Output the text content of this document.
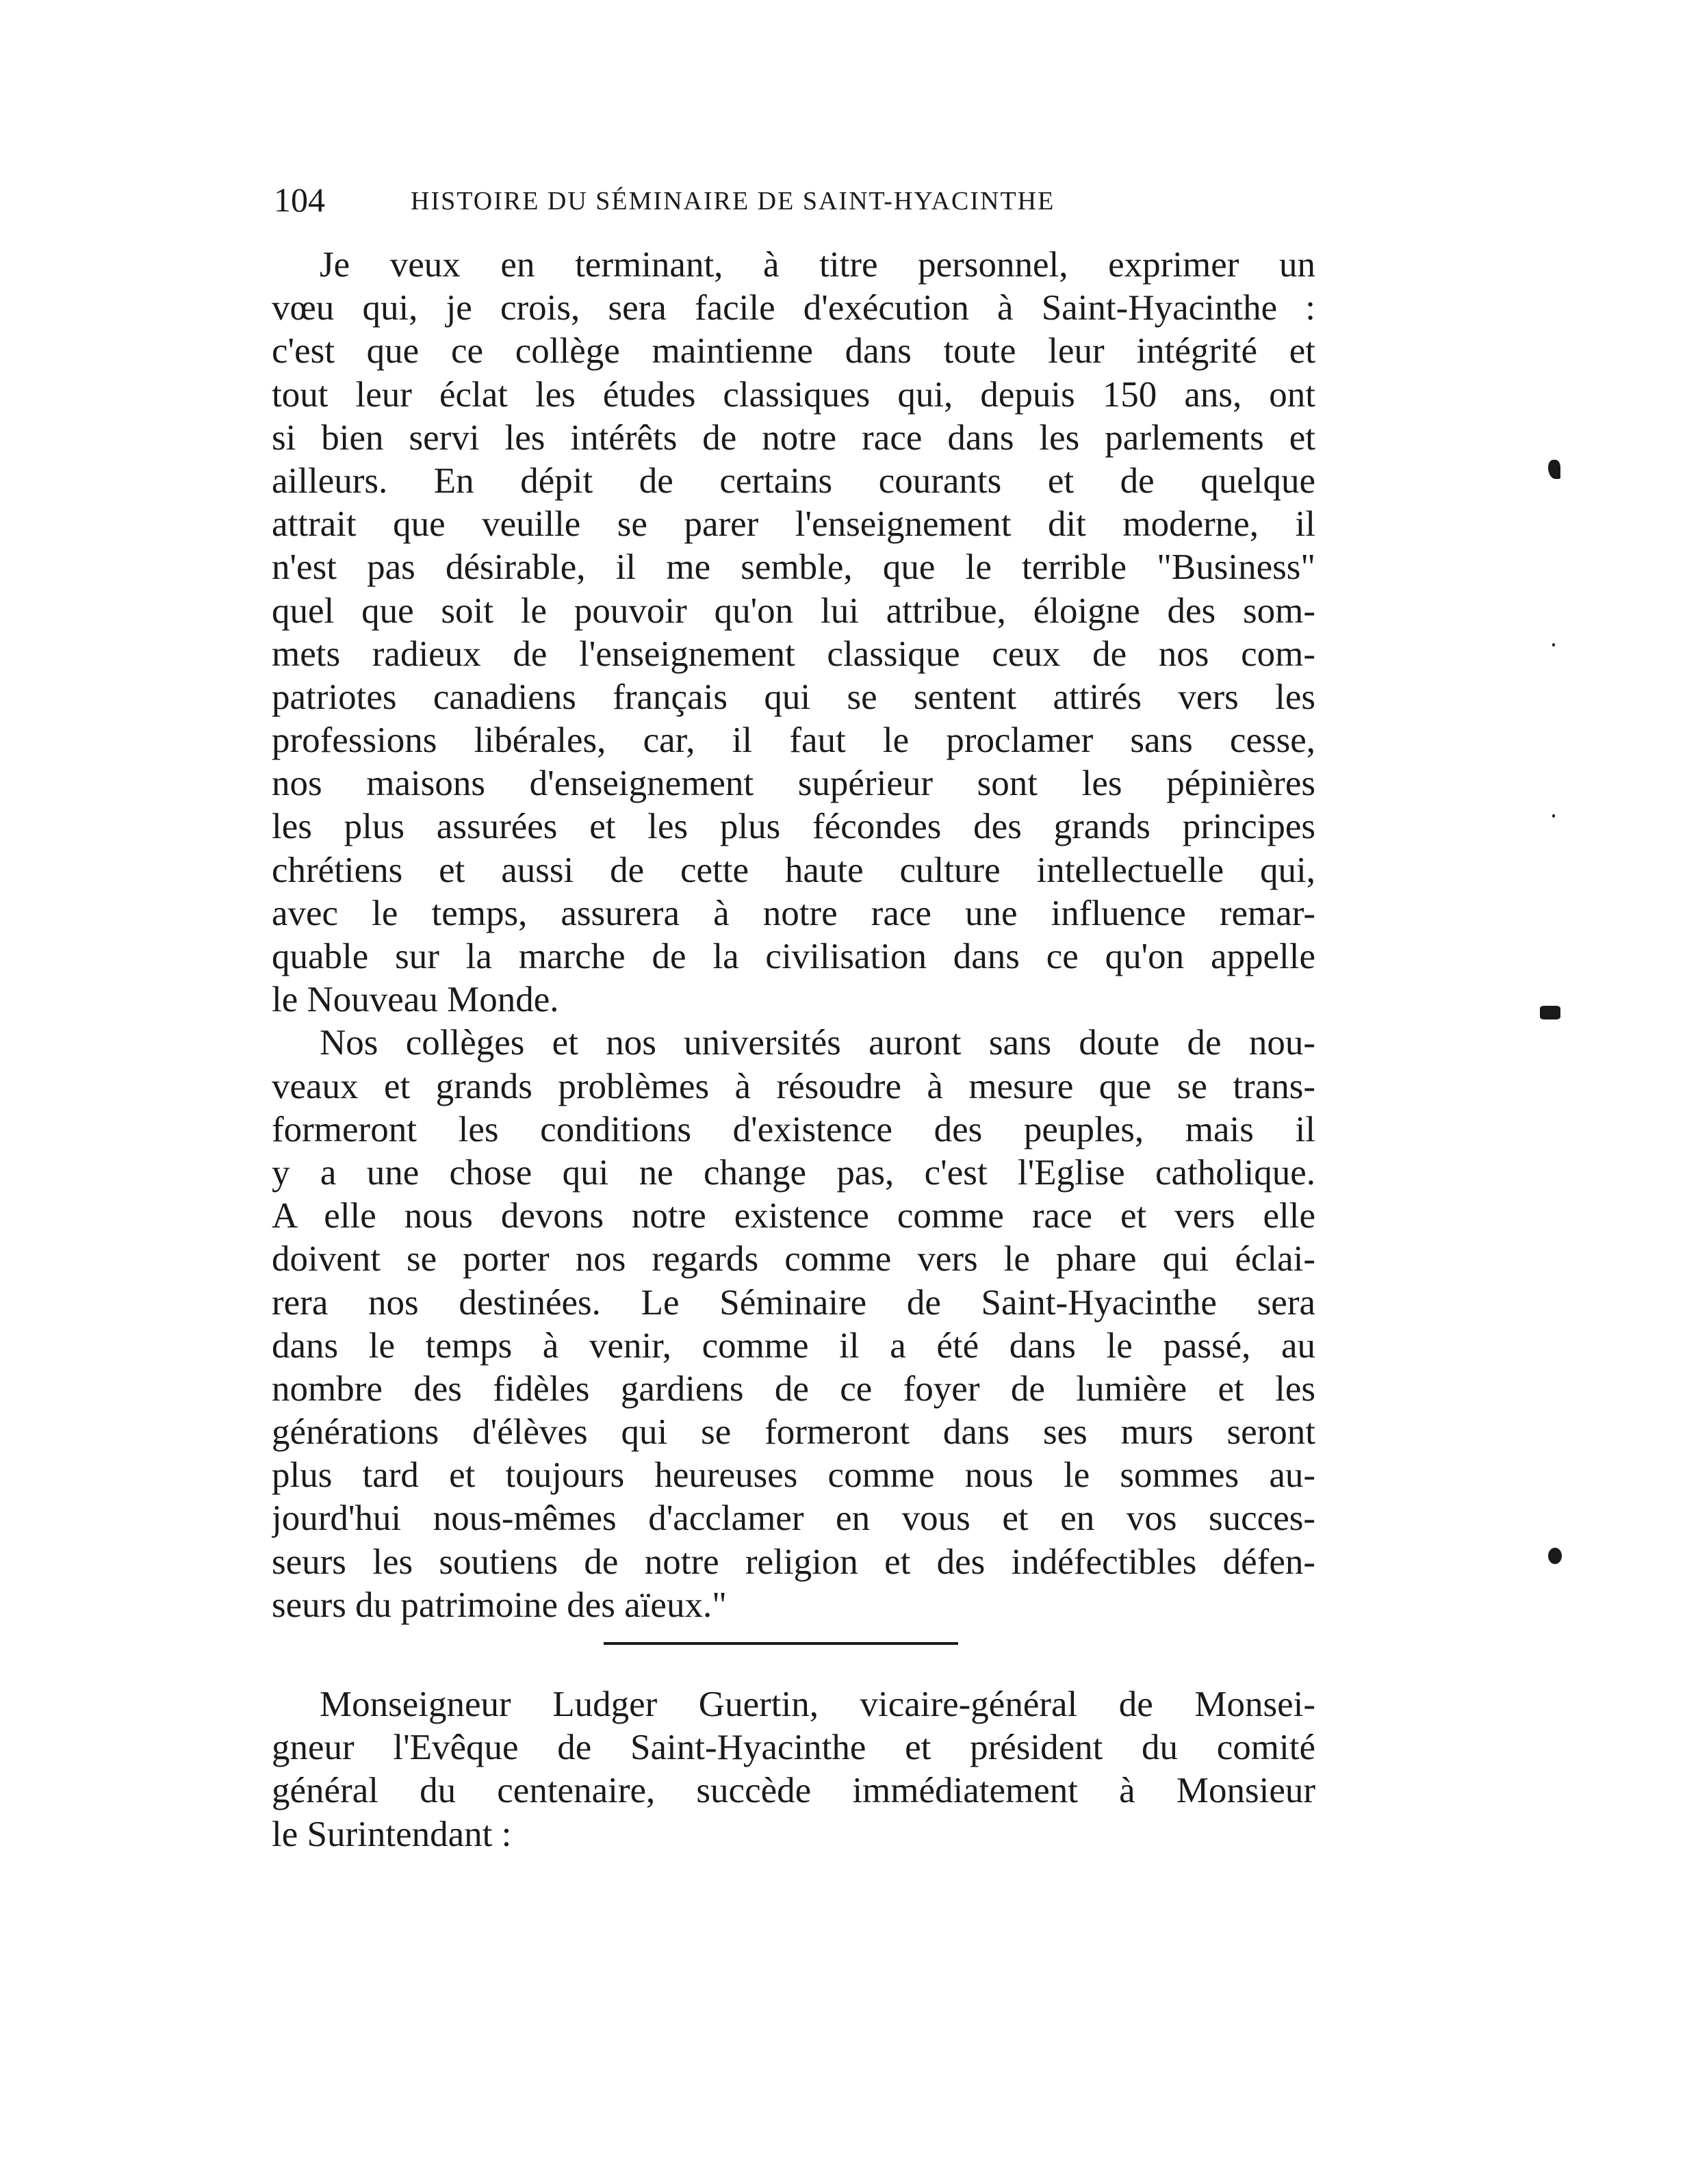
104	HISTOIRE DU SÉMINAIRE DE SAINT-HYACINTHE
Je veux en terminant, à titre personnel, exprimer un
vœu qui, je crois, sera facile d'exécution à Saint-Hyacinthe :
c'est que ce collège maintienne dans toute leur intégrité et
tout leur éclat les études classiques qui, depuis 150 ans, ont
si bien servi les intérêts de notre race dans les parlements et
ailleurs. En dépit de certains courants et de quelque
attrait que veuille se parer l'enseignement dit moderne, il
n'est pas désirable, il me semble, que le terrible "Business"
quel que soit le pouvoir qu'on lui attribue, éloigne des som-
mets radieux de l'enseignement classique ceux de nos com-
patriotes canadiens français qui se sentent attirés vers les
professions libérales, car, il faut le proclamer sans cesse,
nos maisons d'enseignement supérieur sont les pépinières
les plus assurées et les plus fécondes des grands principes
chrétiens et aussi de cette haute culture intellectuelle qui,
avec le temps, assurera à notre race une influence remar-
quable sur la marche de la civilisation dans ce qu'on appelle
le Nouveau Monde.
Nos collèges et nos universités auront sans doute de nou-
veaux et grands problèmes à résoudre à mesure que se trans-
formeront les conditions d'existence des peuples, mais il
y a une chose qui ne change pas, c'est l'Eglise catholique.
A elle nous devons notre existence comme race et vers elle
doivent se porter nos regards comme vers le phare qui éclai-
rera nos destinées. Le Séminaire de Saint-Hyacinthe sera
dans le temps à venir, comme il a été dans le passé, au
nombre des fidèles gardiens de ce foyer de lumière et les
générations d'élèves qui se formeront dans ses murs seront
plus tard et toujours heureuses comme nous le sommes au-
jourd'hui nous-mêmes d'acclamer en vous et en vos succes-
seurs les soutiens de notre religion et des indéfectibles défen-
seurs du patrimoine des aïeux."
Monseigneur Ludger Guertin, vicaire-général de Monsei-
gneur l'Evêque de Saint-Hyacinthe et président du comité
général du centenaire, succède immédiatement à Monsieur
le Surintendant :
